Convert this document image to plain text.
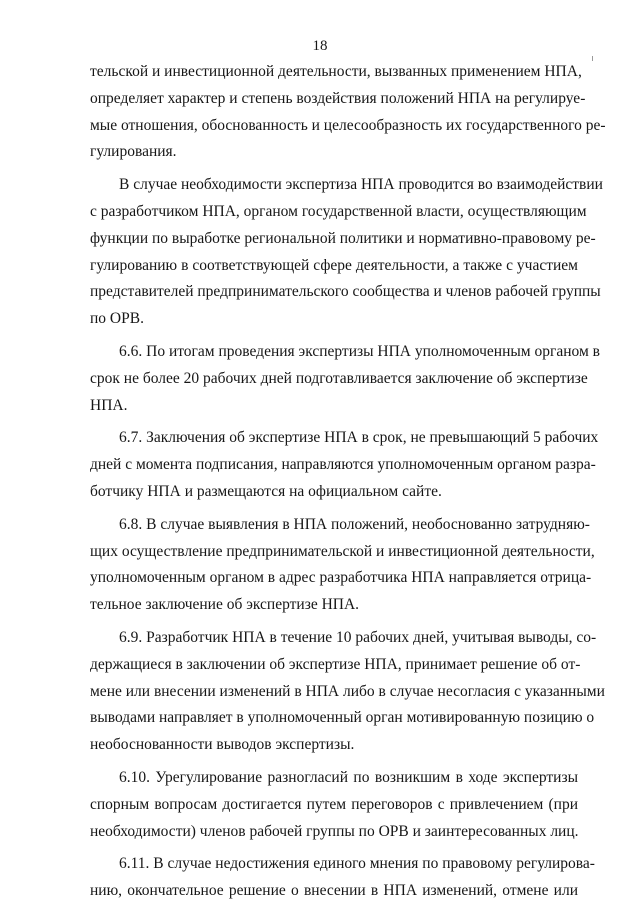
18
тельской и инвестиционной деятельности, вызванных применением НПА,
определяет характер и степень воздействия положений НПА на регулируе-
мые отношения, обоснованность и целесообразность их государственного ре-
гулирования.
В случае необходимости экспертиза НПА проводится во взаимодействии
с разработчиком НПА, органом государственной власти, осуществляющим
функции по выработке региональной политики и нормативно-правовому ре-
гулированию в соответствующей сфере деятельности, а также с участием
представителей предпринимательского сообщества и членов рабочей группы
по ОРВ.
6.6. По итогам проведения экспертизы НПА уполномоченным органом в
срок не более 20 рабочих дней подготавливается заключение об экспертизе
НПА.
6.7. Заключения об экспертизе НПА в срок, не превышающий 5 рабочих
дней с момента подписания, направляются уполномоченным органом разра-
ботчику НПА и размещаются на официальном сайте.
6.8. В случае выявления в НПА положений, необоснованно затрудняю-
щих осуществление предпринимательской и инвестиционной деятельности,
уполномоченным органом в адрес разработчика НПА направляется отрица-
тельное заключение об экспертизе НПА.
6.9. Разработчик НПА в течение 10 рабочих дней, учитывая выводы, со-
держащиеся в заключении об экспертизе НПА, принимает решение об от-
мене или внесении изменений в НПА либо в случае несогласия с указанными
выводами направляет в уполномоченный орган мотивированную позицию о
необоснованности выводов экспертизы.
6.10. Урегулирование разногласий по возникшим в ходе экспертизы
спорным вопросам достигается путем переговоров с привлечением (при
необходимости) членов рабочей группы по ОРВ и заинтересованных лиц.
6.11. В случае недостижения единого мнения по правовому регулирова-
нию, окончательное решение о внесении в НПА изменений, отмене или
